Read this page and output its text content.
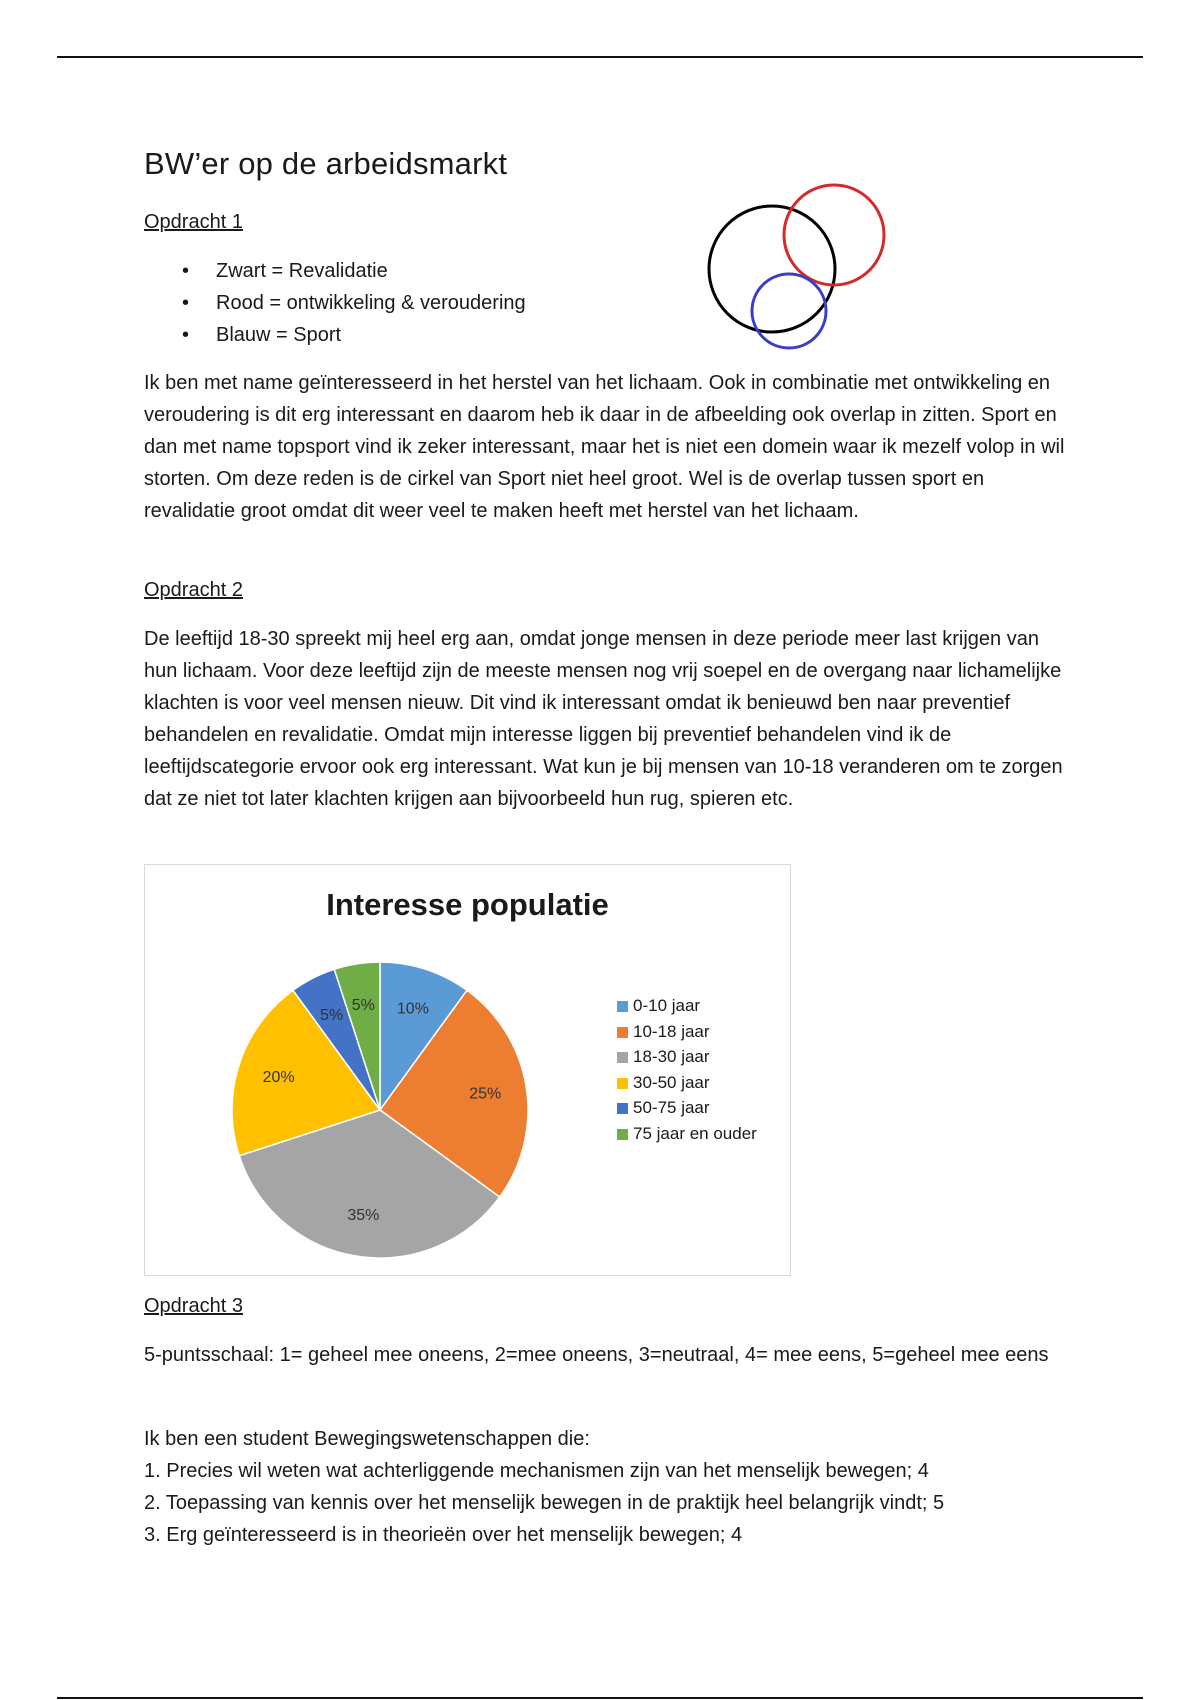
BW’er op de arbeidsmarkt

Opdracht 1

• Zwart = Revalidatie
• Rood = ontwikkeling & veroudering
• Blauw = Sport

Ik ben met name geïnteresseerd in het herstel van het lichaam. Ook in combinatie met ontwikkeling en veroudering is dit erg interessant en daarom heb ik daar in de afbeelding ook overlap in zitten. Sport en dan met name topsport vind ik zeker interessant, maar het is niet een domein waar ik mezelf volop in wil storten. Om deze reden is de cirkel van Sport niet heel groot. Wel is de overlap tussen sport en revalidatie groot omdat dit weer veel te maken heeft met herstel van het lichaam.

Opdracht 2

De leeftijd 18-30 spreekt mij heel erg aan, omdat jonge mensen in deze periode meer last krijgen van hun lichaam. Voor deze leeftijd zijn de meeste mensen nog vrij soepel en de overgang naar lichamelijke klachten is voor veel mensen nieuw. Dit vind ik interessant omdat ik benieuwd ben naar preventief behandelen en revalidatie. Omdat mijn interesse liggen bij preventief behandelen vind ik de leeftijdscategorie ervoor ook erg interessant. Wat kun je bij mensen van 10-18 veranderen om te zorgen dat ze niet tot later klachten krijgen aan bijvoorbeeld hun rug, spieren etc.

Interesse populatie
10%
25%
35%
20%
5%
5%	0-10 jaar
10-18 jaar
18-30 jaar
30-50 jaar
50-75 jaar
75 jaar en ouder

Opdracht 3

5-puntsschaal: 1= geheel mee oneens, 2=mee oneens, 3=neutraal, 4= mee eens, 5=geheel mee eens

Ik ben een student Bewegingswetenschappen die:
1. Precies wil weten wat achterliggende mechanismen zijn van het menselijk bewegen; 4
2. Toepassing van kennis over het menselijk bewegen in de praktijk heel belangrijk vindt; 5
3. Erg geïnteresseerd is in theorieën over het menselijk bewegen; 4
